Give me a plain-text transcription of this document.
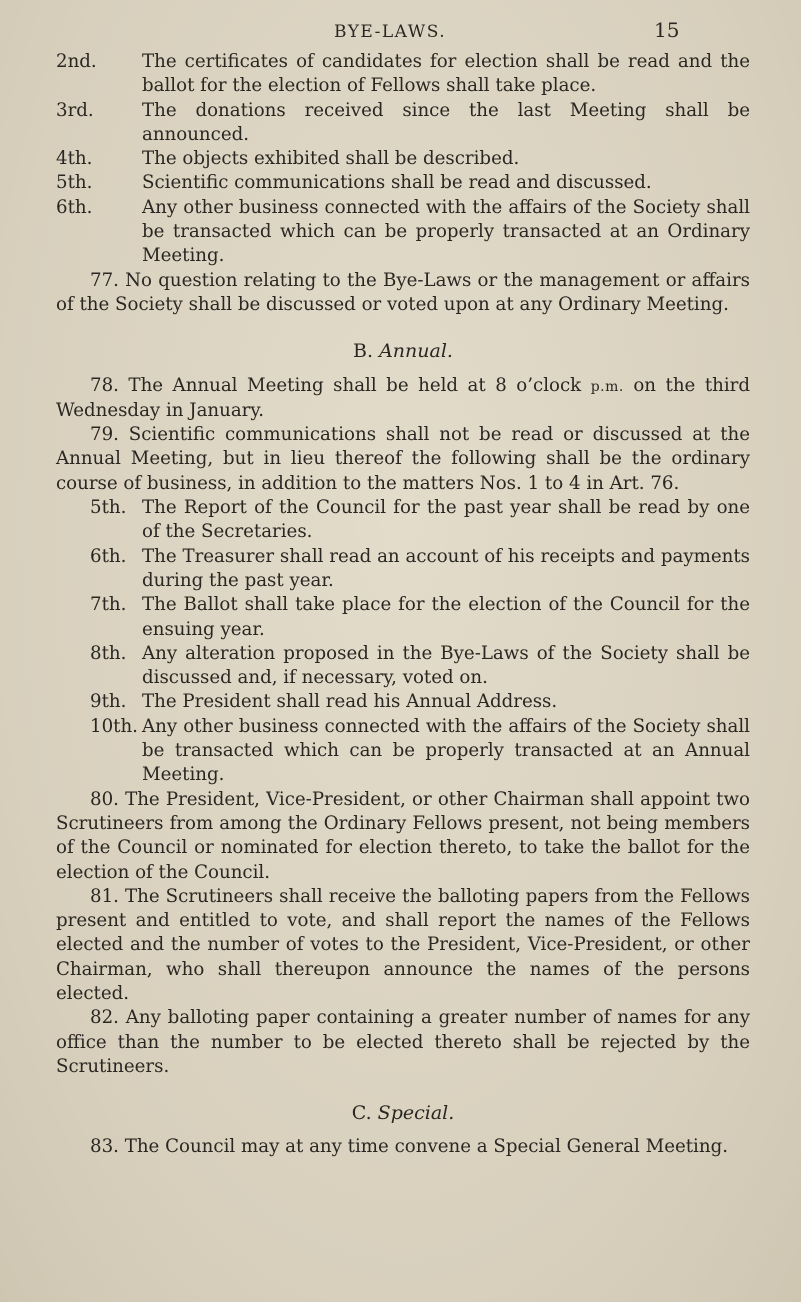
BYE-LAWS.	15
2nd.	The certificates of candidates for election shall be read and the ballot for the election of Fellows shall take place.
3rd.	The donations received since the last Meeting shall be announced.
4th.	The objects exhibited shall be described.
5th.	Scientific communications shall be read and discussed.
6th.	Any other business connected with the affairs of the Society shall be transacted which can be properly transacted at an Ordinary Meeting.

77. No question relating to the Bye-Laws or the management or affairs of the Society shall be discussed or voted upon at any Ordinary Meeting.

B. Annual.

78. The Annual Meeting shall be held at 8 o’clock p.m. on the third Wednesday in January.

79. Scientific communications shall not be read or discussed at the Annual Meeting, but in lieu thereof the following shall be the ordinary course of business, in addition to the matters Nos. 1 to 4 in Art. 76.

5th. The Report of the Council for the past year shall be read by one of the Secretaries.
6th. The Treasurer shall read an account of his receipts and payments during the past year.
7th. The Ballot shall take place for the election of the Council for the ensuing year.
8th. Any alteration proposed in the Bye-Laws of the Society shall be discussed and, if necessary, voted on.
9th. The President shall read his Annual Address.
10th. Any other business connected with the affairs of the Society shall be transacted which can be properly transacted at an Annual Meeting.

80. The President, Vice-President, or other Chairman shall appoint two Scrutineers from among the Ordinary Fellows present, not being members of the Council or nominated for election thereto, to take the ballot for the election of the Council.

81. The Scrutineers shall receive the balloting papers from the Fellows present and entitled to vote, and shall report the names of the Fellows elected and the number of votes to the President, Vice-President, or other Chairman, who shall thereupon announce the names of the persons elected.

82. Any balloting paper containing a greater number of names for any office than the number to be elected thereto shall be rejected by the Scrutineers.

C. Special.

83. The Council may at any time convene a Special General Meeting.
